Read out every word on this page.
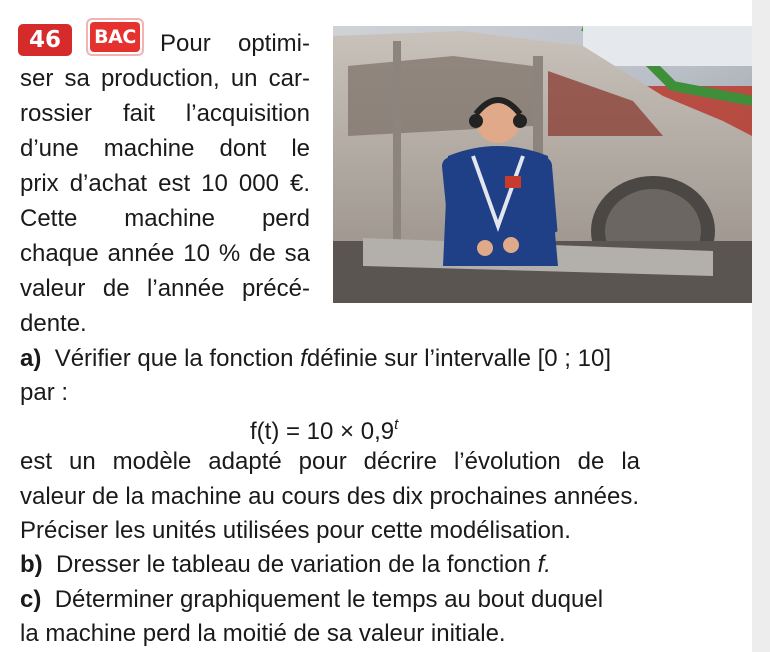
46	BAC Pour optimi-
ser sa production, un car-
rossier fait l’acquisition
d’une machine dont le
prix d’achat est 10 000 €.
Cette machine perd
chaque année 10 % de sa
valeur de l’année précé-
dente.
a) Vérifier que la fonction fdéfinie sur l’intervalle [0 ; 10]
par :
$f(t) = 10 \times 0,9^t$
est un modèle adapté pour décrire l’évolution de la
valeur de la machine au cours des dix prochaines années.
Préciser les unités utilisées pour cette modélisation.
b) Dresser le tableau de variation de la fonction f.
c) Déterminer graphiquement le temps au bout duquel
la machine perd la moitié de sa valeur initiale.
